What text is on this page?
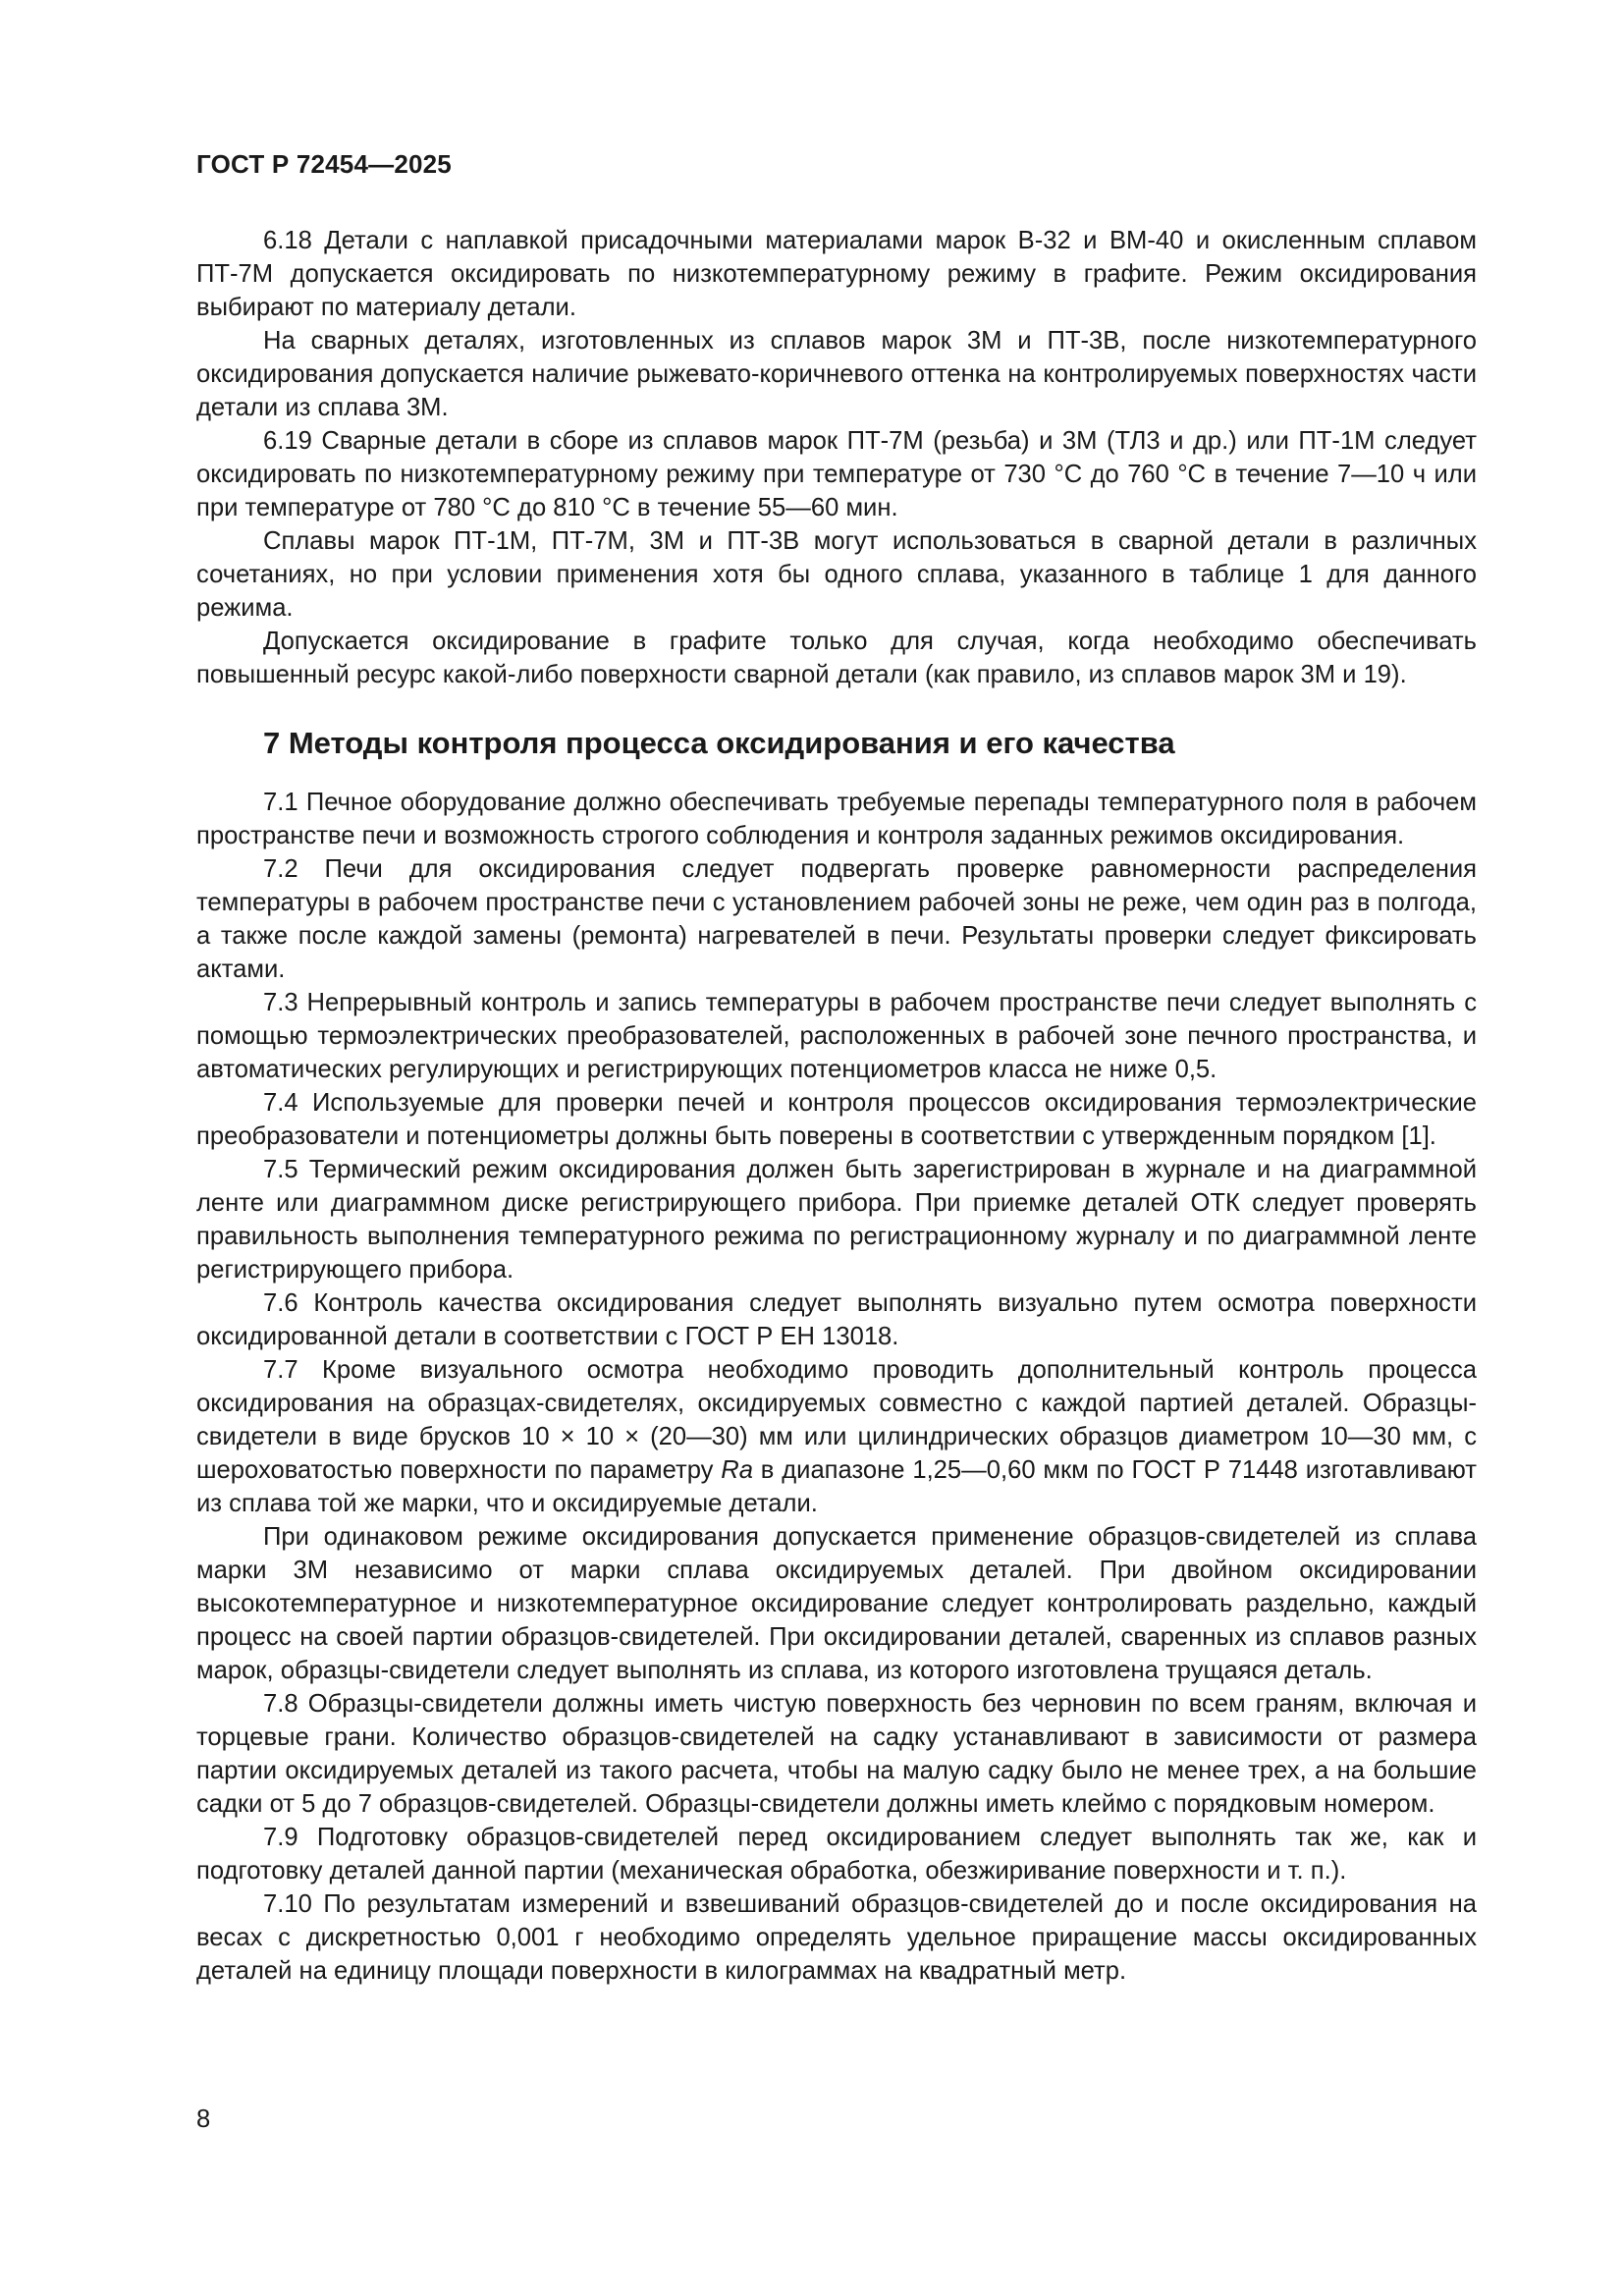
ГОСТ Р 72454—2025

6.18 Детали с наплавкой присадочными материалами марок В-32 и ВМ-40 и окисленным сплавом ПТ-7М допускается оксидировать по низкотемпературному режиму в графите. Режим оксидирования выбирают по материалу детали.

На сварных деталях, изготовленных из сплавов марок 3М и ПТ-3В, после низкотемпературного оксидирования допускается наличие рыжевато-коричневого оттенка на контролируемых поверхностях части детали из сплава 3М.

6.19 Сварные детали в сборе из сплавов марок ПТ-7М (резьба) и 3М (ТЛ3 и др.) или ПТ-1М следует оксидировать по низкотемпературному режиму при температуре от 730 °С до 760 °С в течение 7—10 ч или при температуре от 780 °С до 810 °С в течение 55—60 мин.

Сплавы марок ПТ-1М, ПТ-7М, 3М и ПТ-3В могут использоваться в сварной детали в различных сочетаниях, но при условии применения хотя бы одного сплава, указанного в таблице 1 для данного режима.

Допускается оксидирование в графите только для случая, когда необходимо обеспечивать повышенный ресурс какой-либо поверхности сварной детали (как правило, из сплавов марок 3М и 19).

7 Методы контроля процесса оксидирования и его качества

7.1 Печное оборудование должно обеспечивать требуемые перепады температурного поля в рабочем пространстве печи и возможность строгого соблюдения и контроля заданных режимов оксидирования.

7.2 Печи для оксидирования следует подвергать проверке равномерности распределения температуры в рабочем пространстве печи с установлением рабочей зоны не реже, чем один раз в полгода, а также после каждой замены (ремонта) нагревателей в печи. Результаты проверки следует фиксировать актами.

7.3 Непрерывный контроль и запись температуры в рабочем пространстве печи следует выполнять с помощью термоэлектрических преобразователей, расположенных в рабочей зоне печного пространства, и автоматических регулирующих и регистрирующих потенциометров класса не ниже 0,5.

7.4 Используемые для проверки печей и контроля процессов оксидирования термоэлектрические преобразователи и потенциометры должны быть поверены в соответствии с утвержденным порядком [1].

7.5 Термический режим оксидирования должен быть зарегистрирован в журнале и на диаграммной ленте или диаграммном диске регистрирующего прибора. При приемке деталей ОТК следует проверять правильность выполнения температурного режима по регистрационному журналу и по диаграммной ленте регистрирующего прибора.

7.6 Контроль качества оксидирования следует выполнять визуально путем осмотра поверхности оксидированной детали в соответствии с ГОСТ Р ЕН 13018.

7.7 Кроме визуального осмотра необходимо проводить дополнительный контроль процесса оксидирования на образцах-свидетелях, оксидируемых совместно с каждой партией деталей. Образцы-свидетели в виде брусков 10 × 10 × (20—30) мм или цилиндрических образцов диаметром 10—30 мм, с шероховатостью поверхности по параметру Ra в диапазоне 1,25—0,60 мкм по ГОСТ Р 71448 изготавливают из сплава той же марки, что и оксидируемые детали.

При одинаковом режиме оксидирования допускается применение образцов-свидетелей из сплава марки 3М независимо от марки сплава оксидируемых деталей. При двойном оксидировании высокотемпературное и низкотемпературное оксидирование следует контролировать раздельно, каждый процесс на своей партии образцов-свидетелей. При оксидировании деталей, сваренных из сплавов разных марок, образцы-свидетели следует выполнять из сплава, из которого изготовлена трущаяся деталь.

7.8 Образцы-свидетели должны иметь чистую поверхность без черновин по всем граням, включая и торцевые грани. Количество образцов-свидетелей на садку устанавливают в зависимости от размера партии оксидируемых деталей из такого расчета, чтобы на малую садку было не менее трех, а на большие садки от 5 до 7 образцов-свидетелей. Образцы-свидетели должны иметь клеймо с порядковым номером.

7.9 Подготовку образцов-свидетелей перед оксидированием следует выполнять так же, как и подготовку деталей данной партии (механическая обработка, обезжиривание поверхности и т. п.).

7.10 По результатам измерений и взвешиваний образцов-свидетелей до и после оксидирования на весах с дискретностью 0,001 г необходимо определять удельное приращение массы оксидированных деталей на единицу площади поверхности в килограммах на квадратный метр.

8
